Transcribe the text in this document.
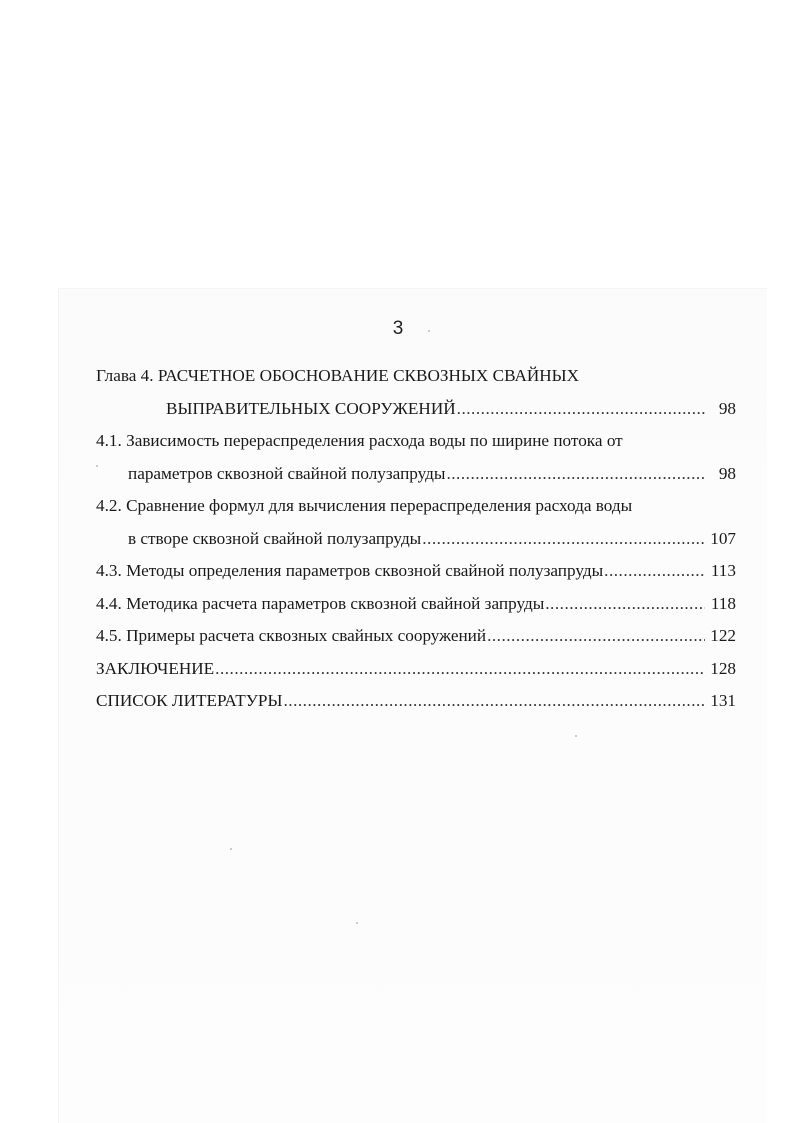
3
Глава 4. РАСЧЕТНОЕ ОБОСНОВАНИЕ СКВОЗНЫХ СВАЙНЫХ
ВЫПРАВИТЕЛЬНЫХ СООРУЖЕНИЙ .....	98
4.1. Зависимость перераспределения расхода воды по ширине потока от
параметров сквозной свайной полузапруды .....	98
4.2. Сравнение формул для вычисления перераспределения расхода воды
в створе сквозной свайной полузапруды .....	107
4.3. Методы определения параметров сквозной свайной полузапруды .....	113
4.4. Методика расчета параметров сквозной свайной запруды .....	118
4.5. Примеры расчета сквозных свайных сооружений .....	122
ЗАКЛЮЧЕНИЕ .....	128
СПИСОК ЛИТЕРАТУРЫ .....	131
